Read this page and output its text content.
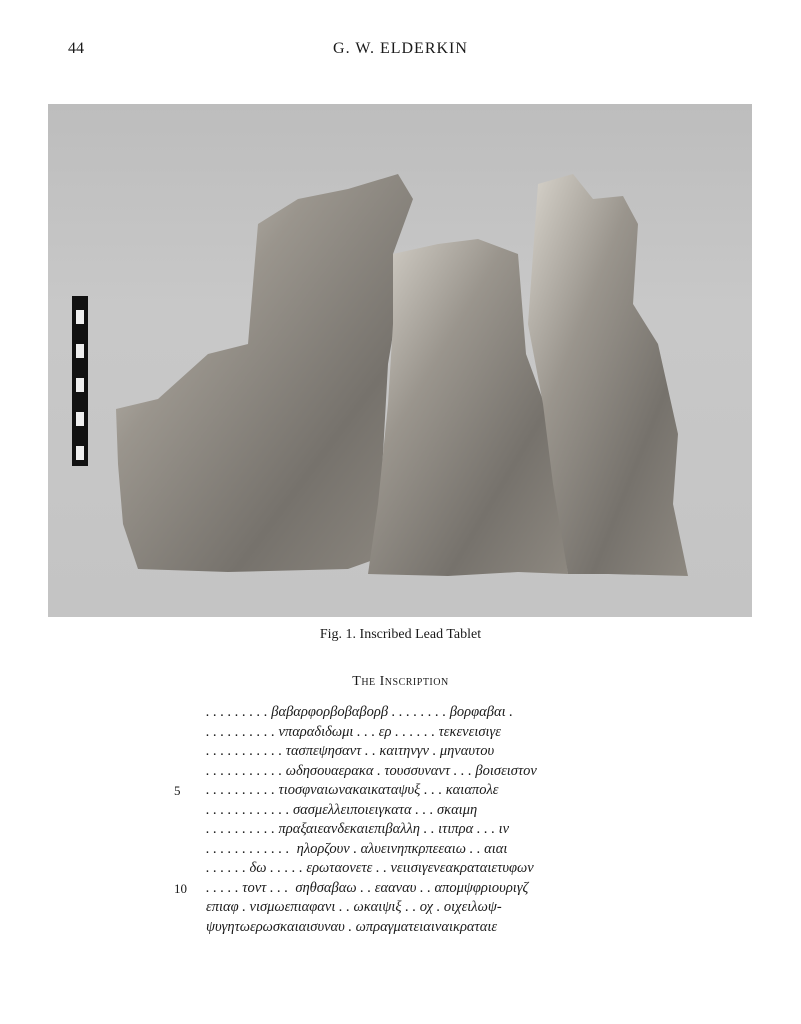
44	G. W. ELDERKIN
Fig. 1. Inscribed Lead Tablet
The Inscription
. . . . . . . . . βαβαρφορβοβαβορβ . . . . . . . . βορφαβαι .
. . . . . . . . . . νπαραδιδωμι . . . ερ . . . . . . τεκενεισιγε
. . . . . . . . . . . τασπεψησαντ . . καιτηνγν . μηναυτου
. . . . . . . . . . . ωδησουαερακα . τουσσυναντ . . . βοισειστον
5 . . . . . . . . . . τιοσφναιωνακαικαταψυξ . . . καιαπολε
. . . . . . . . . . . . σασμελλειποιειγκατα . . . σκαιμη
. . . . . . . . . . πραξαιεανδεκαιεπιβαλλη . . ιτιπρα . . . ιν
. . . . . . . . . . . .  ηλορζουν . αλυειvηπκρπεεαιω . . αιαι
. . . . . . δω . . . . . ερωταονετε . . νειισιγενεακραταιετυφων
10 . . . . . τοντ . . .  σηθσαβαω . . εααναυ . . απομψφριουριγζ
επιαφ . νισμωεπιαφανι . . ωκαιψιξ . . οχ . οιχειλωψ-
ψυγητωερωσκαιαισυναυ . ωπραγματειαιναικραταιε
